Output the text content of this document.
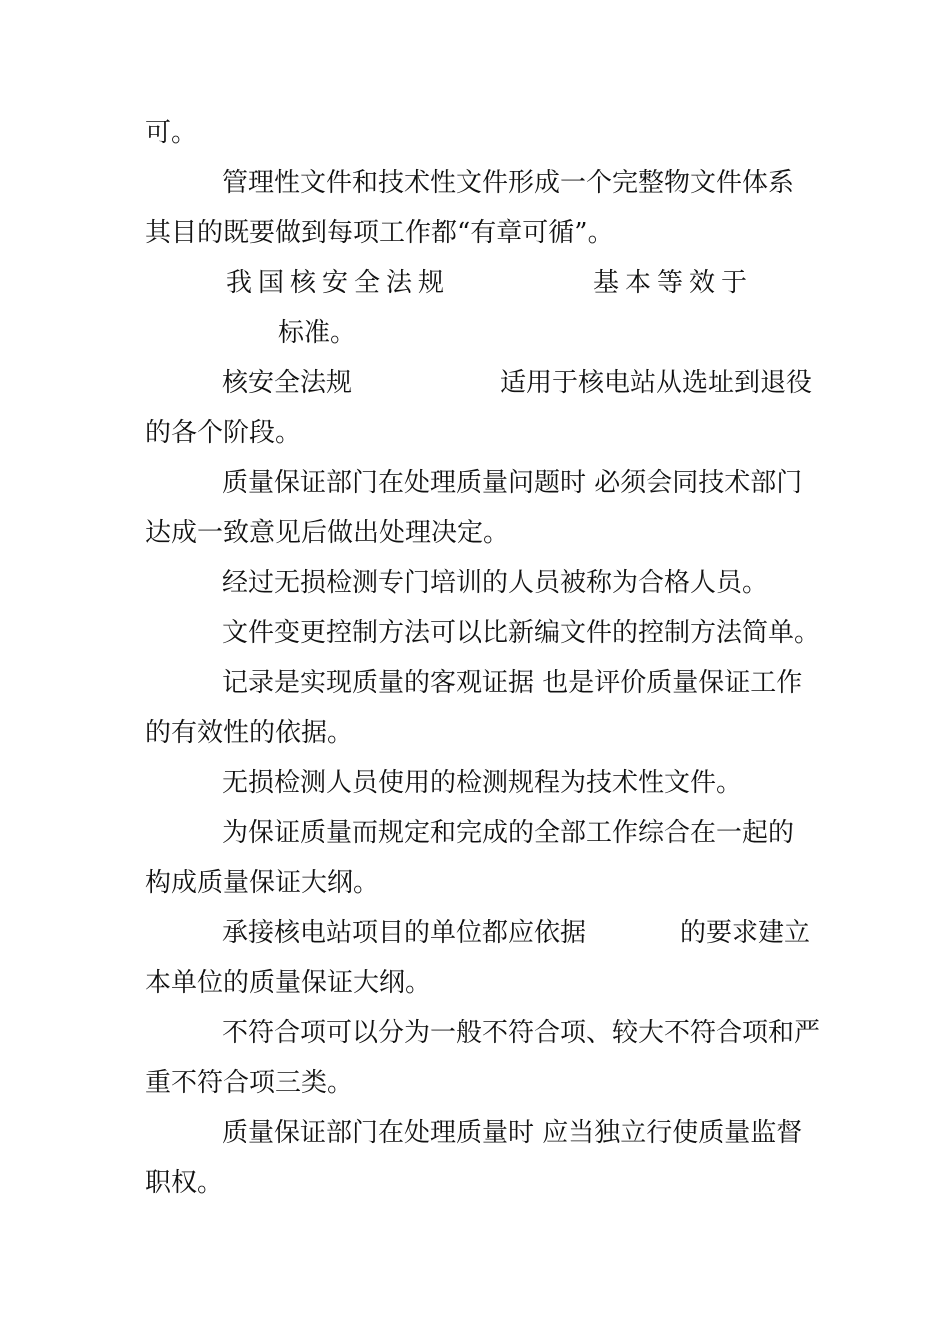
可。
管理性文件和技术性文件形成一个完整物文件体系
其目的既要做到每项工作都“有章可循”。
我国核安全法规	基本等效于
标准。
核安全法规	适用于核电站从选址到退役
的各个阶段。
质量保证部门在处理质量问题时 必须会同技术部门
达成一致意见后做出处理决定。
经过无损检测专门培训的人员被称为合格人员。
文件变更控制方法可以比新编文件的控制方法简单。
记录是实现质量的客观证据 也是评价质量保证工作
的有效性的依据。
无损检测人员使用的检测规程为技术性文件。
为保证质量而规定和完成的全部工作综合在一起的
构成质量保证大纲。
承接核电站项目的单位都应依据	的要求建立
本单位的质量保证大纲。
不符合项可以分为一般不符合项、较大不符合项和严
重不符合项三类。
质量保证部门在处理质量时 应当独立行使质量监督
职权。
